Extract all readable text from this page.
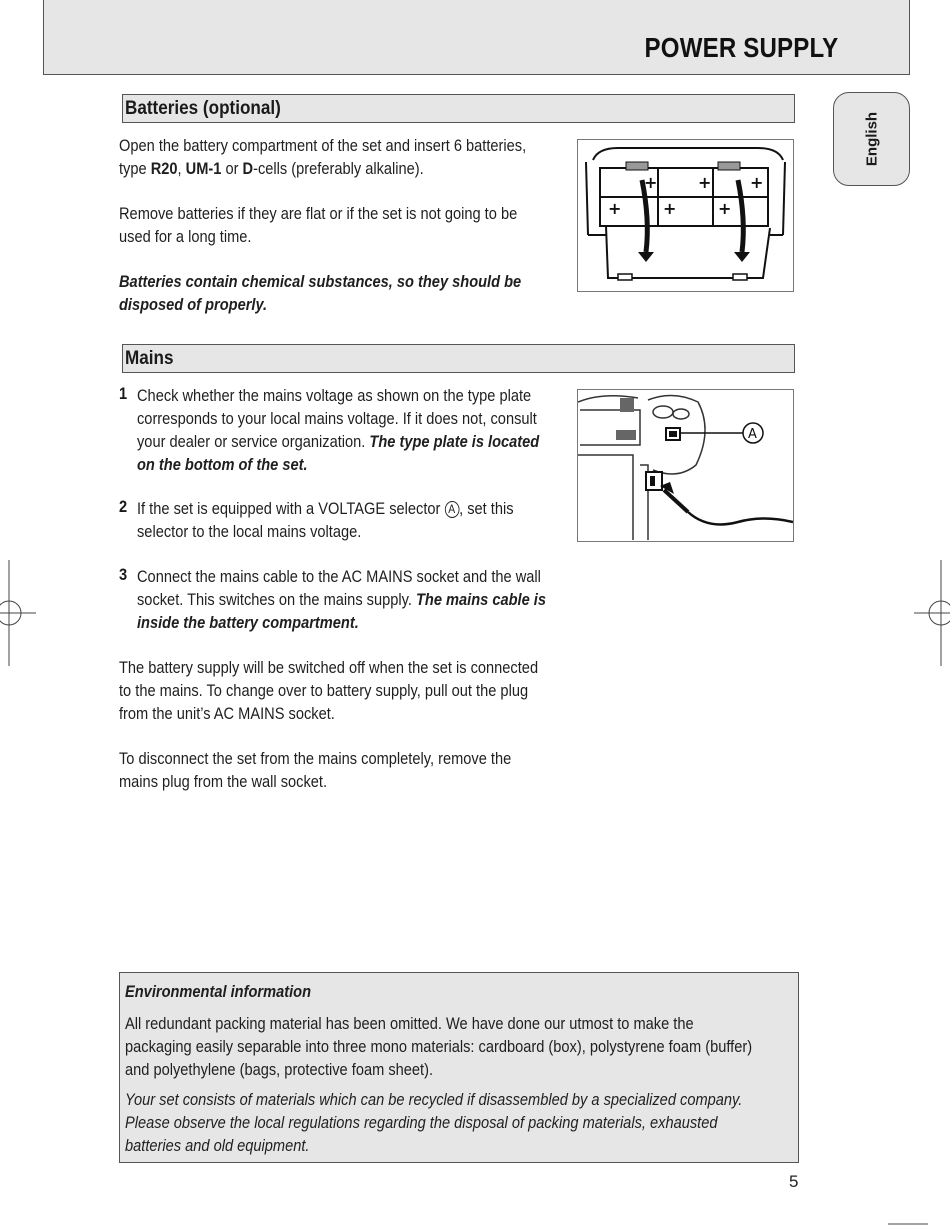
POWER SUPPLY
English
Batteries (optional)
Open the battery compartment of the set and insert 6 batteries,
type R20, UM-1 or D-cells (preferably alkaline).
Remove batteries if they are flat or if the set is not going to be
used for a long time.
Batteries contain chemical substances, so they should be
disposed of properly.
+	+ +
+	+	+
Mains
1 Check whether the mains voltage as shown on the type plate
corresponds to your local mains voltage. If it does not, consult
your dealer or service organization. The type plate is located
on the bottom of the set.
2 If the set is equipped with a VOLTAGE selector A , set this
selector to the local mains voltage.
3 Connect the mains cable to the AC MAINS socket and the wall
socket. This switches on the mains supply. The mains cable is
inside the battery compartment.
The battery supply will be switched off when the set is connected
to the mains. To change over to battery supply, pull out the plug
from the unit’s AC MAINS socket.
To disconnect the set from the mains completely, remove the
mains plug from the wall socket.
A
Environmental information
All redundant packing material has been omitted. We have done our utmost to make the
packaging easily separable into three mono materials: cardboard (box), polystyrene foam (buffer)
and polyethylene (bags, protective foam sheet).
Your set consists of materials which can be recycled if disassembled by a specialized company.
Please observe the local regulations regarding the disposal of packing materials, exhausted
batteries and old equipment.
5
